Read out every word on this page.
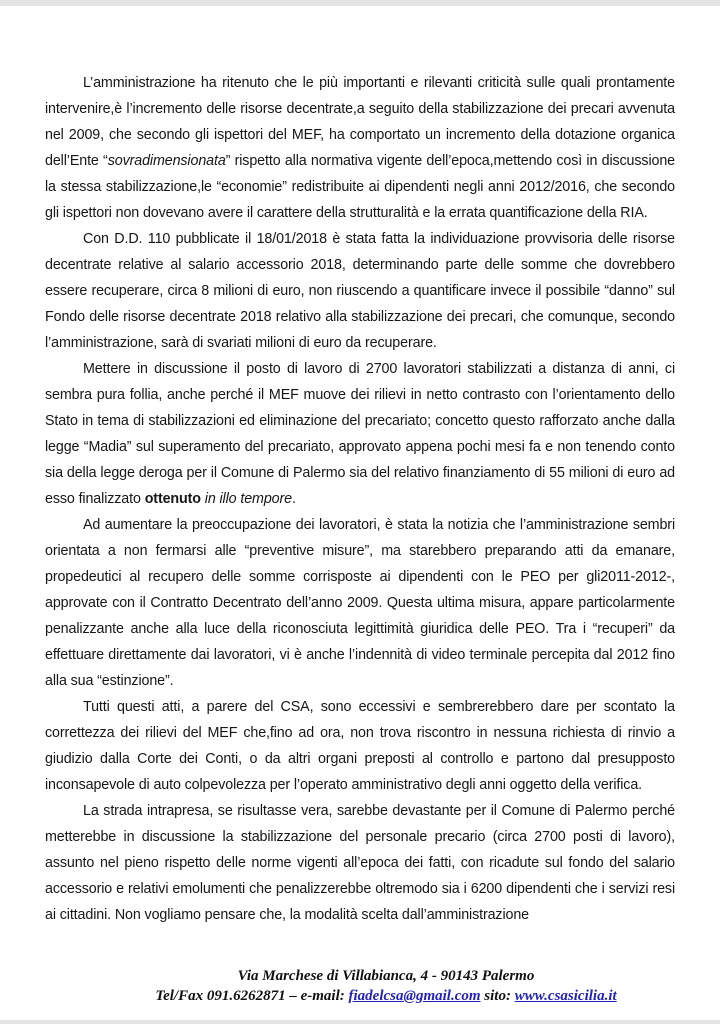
L’amministrazione ha ritenuto che le più importanti e rilevanti criticità sulle quali prontamente intervenire,è l’incremento delle risorse decentrate,a seguito della stabilizzazione dei precari avvenuta nel 2009, che secondo gli ispettori del MEF, ha comportato un incremento della dotazione organica dell’Ente “sovradimensionata” rispetto alla normativa vigente dell’epoca,mettendo così in discussione la stessa stabilizzazione,le “economie” redistribuite ai dipendenti negli anni 2012/2016, che secondo gli ispettori non dovevano avere il carattere della strutturalità e la errata quantificazione della RIA.

Con D.D. 110 pubblicate il 18/01/2018 è stata fatta la individuazione provvisoria delle risorse decentrate relative al salario accessorio 2018, determinando parte delle somme che dovrebbero essere recuperare, circa 8 milioni di euro, non riuscendo a quantificare invece il possibile “danno” sul Fondo delle risorse decentrate 2018 relativo alla stabilizzazione dei precari, che comunque, secondo l’amministrazione, sarà di svariati milioni di euro da recuperare.

Mettere in discussione il posto di lavoro di 2700 lavoratori stabilizzati a distanza di anni, ci sembra pura follia, anche perché il MEF muove dei rilievi in netto contrasto con l’orientamento dello Stato in tema di stabilizzazioni ed eliminazione del precariato; concetto questo rafforzato anche dalla legge “Madia” sul superamento del precariato, approvato appena pochi mesi fa e non tenendo conto sia della legge deroga per il Comune di Palermo sia del relativo finanziamento di 55 milioni di euro ad esso finalizzato ottenuto in illo tempore.

Ad aumentare la preoccupazione dei lavoratori, è stata la notizia che l’amministrazione sembri orientata a non fermarsi alle “preventive misure”, ma starebbero preparando atti da emanare, propedeutici al recupero delle somme corrisposte ai dipendenti con le PEO per gli2011-2012-, approvate con il Contratto Decentrato dell’anno 2009. Questa ultima misura, appare particolarmente penalizzante anche alla luce della riconosciuta legittimità giuridica delle PEO. Tra i “recuperi” da effettuare direttamente dai lavoratori, vi è anche l’indennità di video terminale percepita dal 2012 fino alla sua “estinzione”.

Tutti questi atti, a parere del CSA, sono eccessivi e sembrerebbero dare per scontato la correttezza dei rilievi del MEF che,fino ad ora, non trova riscontro in nessuna richiesta di rinvio a giudizio dalla Corte dei Conti, o da altri organi preposti al controllo e partono dal presupposto inconsapevole di auto colpevolezza per l’operato amministrativo degli anni oggetto della verifica.

La strada intrapresa, se risultasse vera, sarebbe devastante per il Comune di Palermo perché metterebbe in discussione la stabilizzazione del personale precario (circa 2700 posti di lavoro), assunto nel pieno rispetto delle norme vigenti all’epoca dei fatti, con ricadute sul fondo del salario accessorio e relativi emolumenti che penalizzerebbe oltremodo sia i 6200 dipendenti che i servizi resi ai cittadini. Non vogliamo pensare che, la modalità scelta dall’amministrazione

Via Marchese di Villabianca, 4 - 90143 Palermo
Tel/Fax 091.6262871 – e-mail: fiadelcsa@gmail.com sito: www.csasicilia.it
